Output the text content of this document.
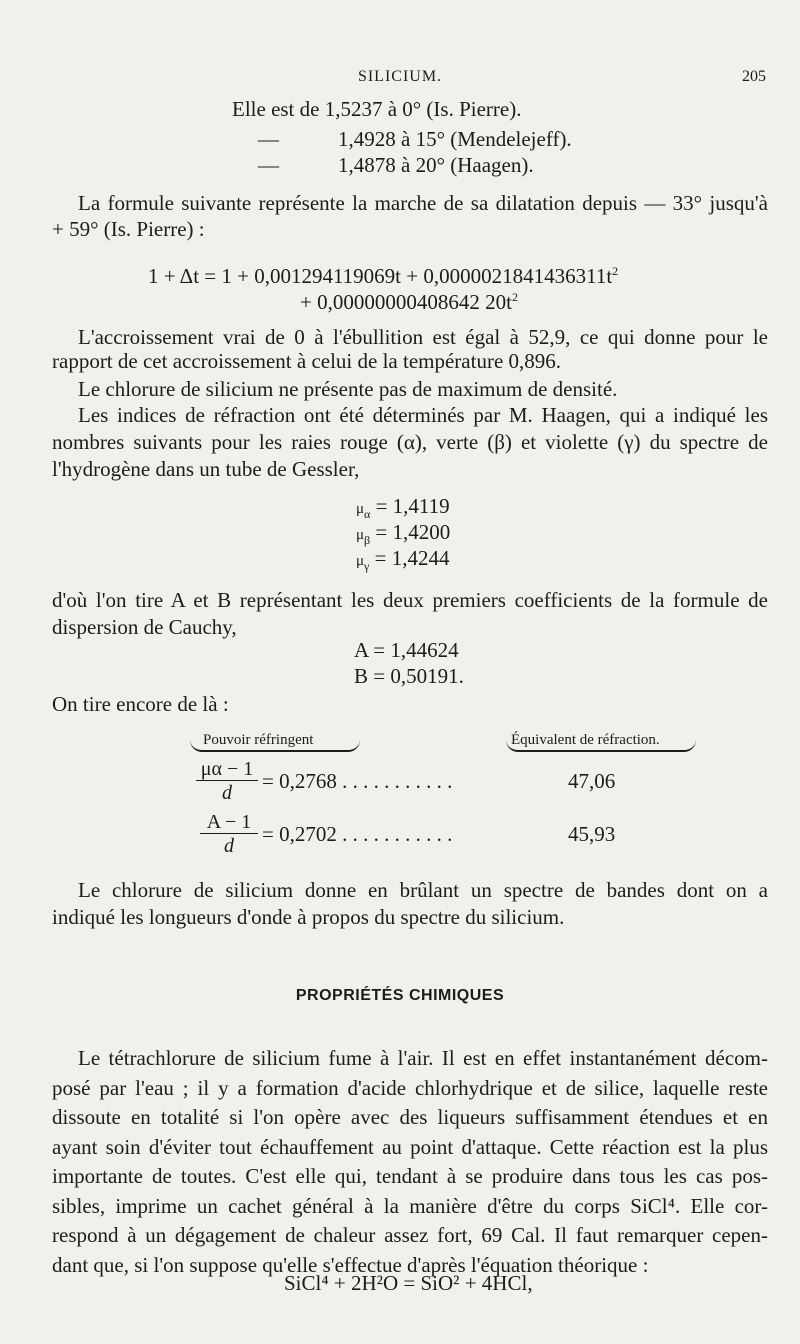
SILICIUM.	205
Elle est de 1,5237 à 0° (Is. Pierre).
—	1,4928 à 15° (Mendelejeff).
—	1,4878 à 20° (Haagen).
La formule suivante représente la marche de sa dilatation depuis — 33° jusqu'à
+ 59° (Is. Pierre) :
$1 + \Delta t = 1 + 0,001294119069t + 0,0000021841436311t^2$
+ 0,00000000408642 $20t^2$
L'accroissement vrai de 0 à l'ébullition est égal à 52,9, ce qui donne pour le
rapport de cet accroissement à celui de la température 0,896.
Le chlorure de silicium ne présente pas de maximum de densité.
Les indices de réfraction ont été déterminés par M. Haagen, qui a indiqué les
nombres suivants pour les raies rouge (α), verte (β) et violette (γ) du spectre de
l'hydrogène dans un tube de Gessler,
$\mu_\alpha = 1,4119$
$\mu_\beta = 1,4200$
$\mu_\gamma = 1,4244$
d'où l'on tire A et B représentant les deux premiers coefficients de la formule de
dispersion de Cauchy,
A = 1,44624
B = 0,50191.
On tire encore de là :
Pouvoir réfringent	Équivalent de réfraction.
$\frac{\mu\alpha - 1}{d} = 0,2768$ . . . . . . . . . . .	47,06
$\frac{A - 1}{d} = 0,2702$ . . . . . . . . . . .	45,93
Le chlorure de silicium donne en brûlant un spectre de bandes dont on a
indiqué les longueurs d'onde à propos du spectre du silicium.
PROPRIÉTÉS CHIMIQUES
Le tétrachlorure de silicium fume à l'air. Il est en effet instantanément décom-
posé par l'eau ; il y a formation d'acide chlorhydrique et de silice, laquelle reste
dissoute en totalité si l'on opère avec des liqueurs suffisamment étendues et en
ayant soin d'éviter tout échauffement au point d'attaque. Cette réaction est la plus
importante de toutes. C'est elle qui, tendant à se produire dans tous les cas pos-
sibles, imprime un cachet général à la manière d'être du corps SiCl⁴. Elle cor-
respond à un dégagement de chaleur assez fort, 69 Cal. Il faut remarquer cepen-
dant que, si l'on suppose qu'elle s'effectue d'après l'équation théorique :
SiCl⁴ + 2H²O = SiO² + 4HCl,
